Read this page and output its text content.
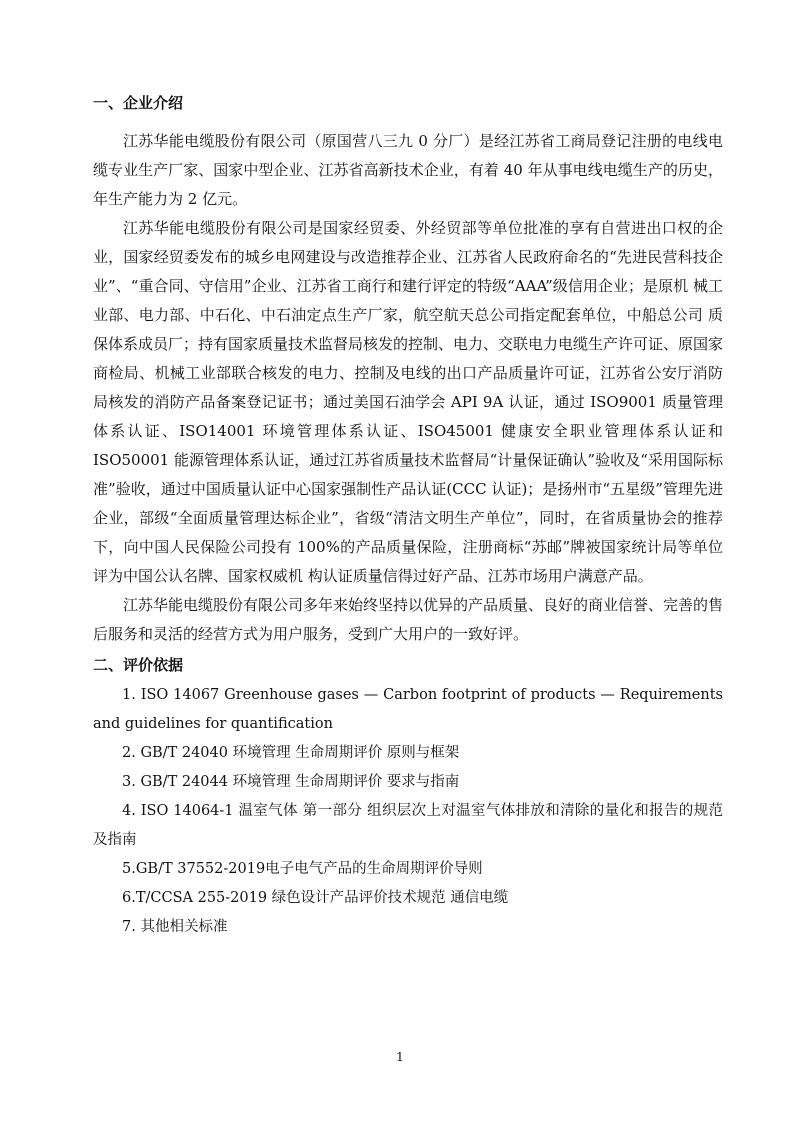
一、企业介绍

江苏华能电缆股份有限公司（原国营八三九 0 分厂）是经江苏省工商局登记注册的电线电 缆专业生产厂家、国家中型企业、江苏省高新技术企业，有着 40 年从事电线电缆生产的历史， 年生产能力为 2 亿元。

江苏华能电缆股份有限公司是国家经贸委、外经贸部等单位批准的享有自营进出口权的企业，国家经贸委发布的城乡电网建设与改造推荐企业、江苏省人民政府命名的“先进民营科技企业”、“重合同、守信用”企业、江苏省工商行和建行评定的特级“AAA”级信用企业；是原机 械工业部、电力部、中石化、中石油定点生产厂家，航空航天总公司指定配套单位，中船总公司 质保体系成员厂；持有国家质量技术监督局核发的控制、电力、交联电力电缆生产许可证、原国家商检局、机械工业部联合核发的电力、控制及电线的出口产品质量许可证，江苏省公安厅消防 局核发的消防产品备案登记证书；通过美国石油学会 API 9A 认证，通过 ISO9001 质量管理体系认证、ISO14001 环境管理体系认证、ISO45001 健康安全职业管理体系认证和 ISO50001 能源管理体系认证，通过江苏省质量技术监督局“计量保证确认”验收及“采用国际标准”验收，通过中国质量认证中心国家强制性产品认证(CCC 认证)；是扬州市“五星级”管理先进企业，部级“全面质量管理达标企业”，省级“清洁文明生产单位”，同时，在省质量协会的推荐下，向中国人民保险公司投有 100%的产品质量保险，注册商标“苏邮”牌被国家统计局等单位评为中国公认名牌、国家权威机 构认证质量信得过好产品、江苏市场用户满意产品。

江苏华能电缆股份有限公司多年来始终坚持以优异的产品质量、良好的商业信誉、完善的售后服务和灵活的经营方式为用户服务，受到广大用户的一致好评。

二、评价依据

1. ISO 14067 Greenhouse gases — Carbon footprint of products — Requirements and guidelines for quantification

2. GB/T 24040 环境管理 生命周期评价 原则与框架

3. GB/T 24044 环境管理 生命周期评价 要求与指南

4. ISO 14064-1 温室气体 第一部分 组织层次上对温室气体排放和清除的量化和报告的规范及指南

5.GB/T 37552-2019电子电气产品的生命周期评价导则

6.T/CCSA 255-2019 绿色设计产品评价技术规范 通信电缆

7. 其他相关标准

1
